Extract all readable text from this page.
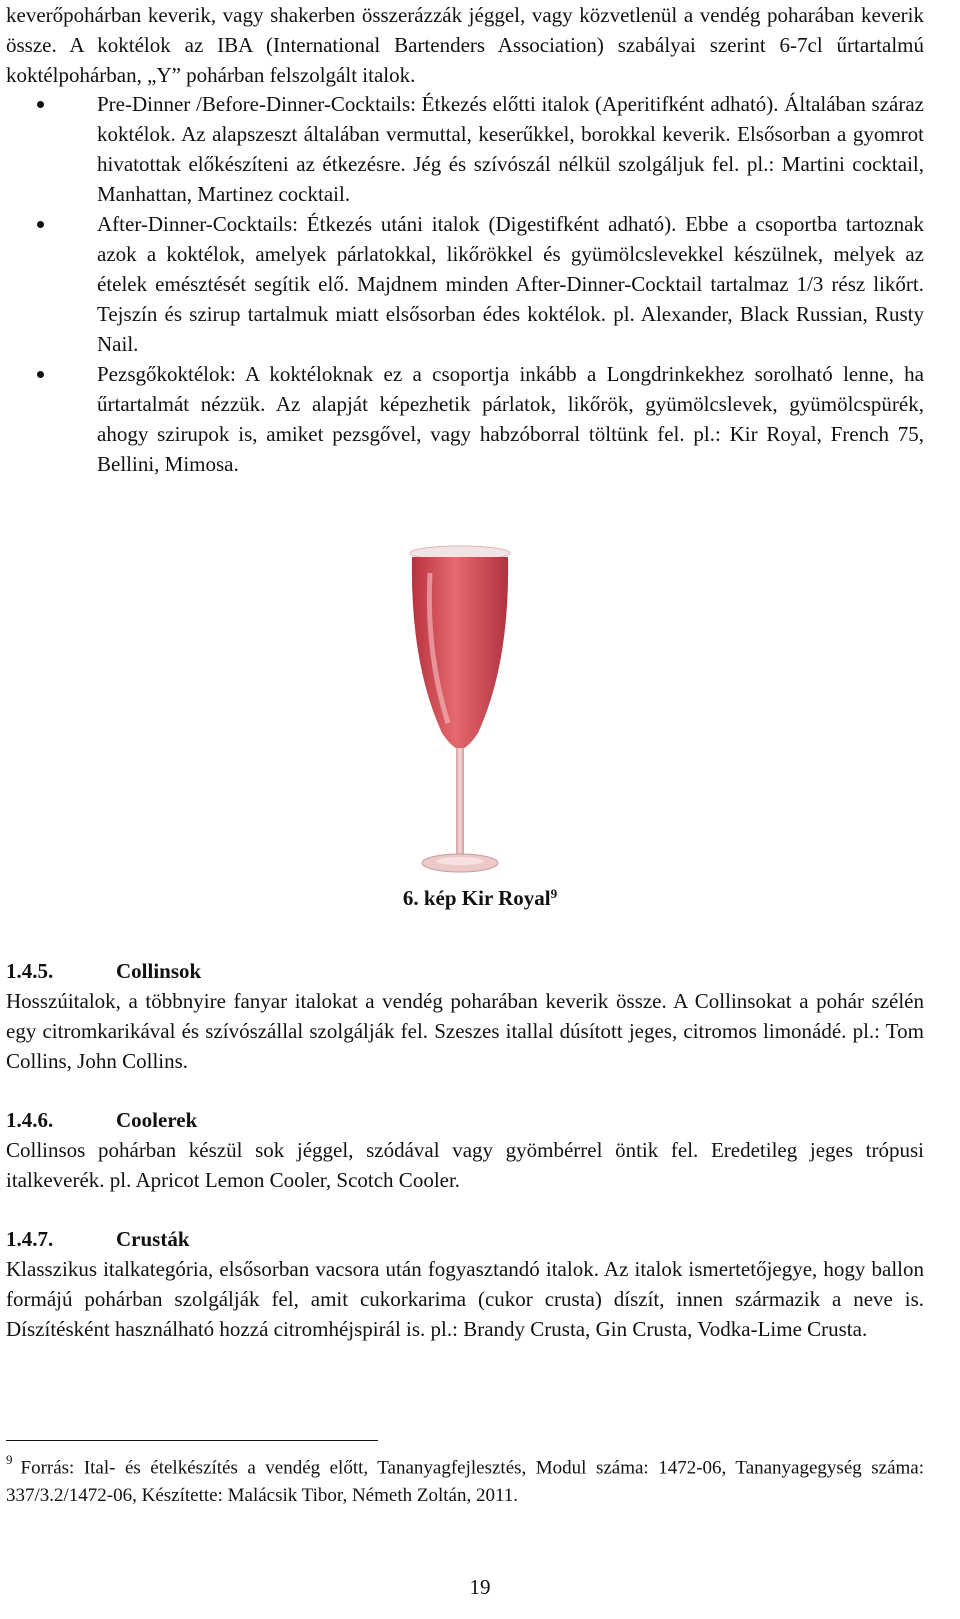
keverőpohárban keverik, vagy shakerben összerázzák jéggel, vagy közvetlenül a vendég poharában keverik össze. A koktélok az IBA (International Bartenders Association) szabályai szerint 6-7cl űrtartalmú koktélpohárban, „Y” pohárban felszolgált italok.

Pre-Dinner /Before-Dinner-Cocktails: Étkezés előtti italok (Aperitifként adható). Általában száraz koktélok. Az alapszeszt általában vermuttal, keserűkkel, borokkal keverik. Elsősorban a gyomrot hivatottak előkészíteni az étkezésre. Jég és szívószál nélkül szolgáljuk fel. pl.: Martini cocktail, Manhattan, Martinez cocktail.
After-Dinner-Cocktails: Étkezés utáni italok (Digestifként adható). Ebbe a csoportba tartoznak azok a koktélok, amelyek párlatokkal, likőrökkel és gyümölcslevekkel készülnek, melyek az ételek emésztését segítik elő. Majdnem minden After-Dinner-Cocktail tartalmaz 1/3 rész likőrt. Tejszín és szirup tartalmuk miatt elsősorban édes koktélok. pl. Alexander, Black Russian, Rusty Nail.
Pezsgőkoktélok: A koktéloknak ez a csoportja inkább a Longdrinkekhez sorolható lenne, ha űrtartalmát nézzük. Az alapját képezhetik párlatok, likőrök, gyümölcslevek, gyümölcspürék, ahogy szirupok is, amiket pezsgővel, vagy habzóborral töltünk fel. pl.: Kir Royal, French 75, Bellini, Mimosa.
6. kép Kir Royal$^9$
1.4.5.	Collinsok

Hosszúitalok, a többnyire fanyar italokat a vendég poharában keverik össze. A Collinsokat a pohár szélén egy citromkarikával és szívószállal szolgálják fel. Szeszes itallal dúsított jeges, citromos limonádé. pl.: Tom Collins, John Collins.

1.4.6.	Coolerek

Collinsos pohárban készül sok jéggel, szódával vagy gyömbérrel öntik fel. Eredetileg jeges trópusi italkeverék. pl. Apricot Lemon Cooler, Scotch Cooler.

1.4.7.	Crusták

Klasszikus italkategória, elsősorban vacsora után fogyasztandó italok. Az italok ismertetőjegye, hogy ballon formájú pohárban szolgálják fel, amit cukorkarima (cukor crusta) díszít, innen származik a neve is. Díszítésként használható hozzá citromhéjspirál is. pl.: Brandy Crusta, Gin Crusta, Vodka-Lime Crusta.

$^9$ Forrás: Ital- és ételkészítés a vendég előtt, Tananyagfejlesztés, Modul száma: 1472-06, Tananyagegység száma: 337/3.2/1472-06, Készítette: Malácsik Tibor, Németh Zoltán, 2011.

19
